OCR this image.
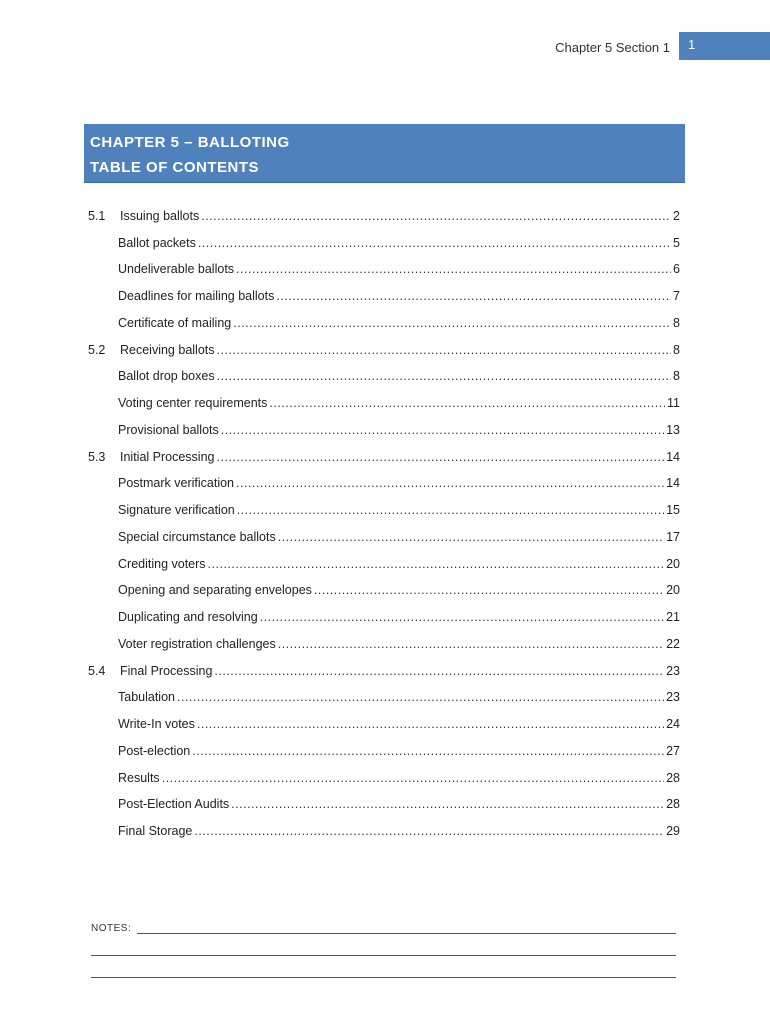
Chapter 5 Section 1	1
CHAPTER 5 – BALLOTING
TABLE OF CONTENTS
5.1	Issuing ballots .....	2
Ballot packets .....	5
Undeliverable ballots .....	6
Deadlines for mailing ballots .....	7
Certificate of mailing .....	8
5.2	Receiving ballots .....	8
Ballot drop boxes .....	8
Voting center requirements .....	11
Provisional ballots .....	13
5.3	Initial Processing .....	14
Postmark verification .....	14
Signature verification .....	15
Special circumstance ballots .....	17
Crediting voters .....	20
Opening and separating envelopes .....	20
Duplicating and resolving .....	21
Voter registration challenges .....	22
5.4	Final Processing .....	23
Tabulation .....	23
Write-In votes .....	24
Post-election .....	27
Results .....	28
Post-Election Audits .....	28
Final Storage .....	29
NOTES:
